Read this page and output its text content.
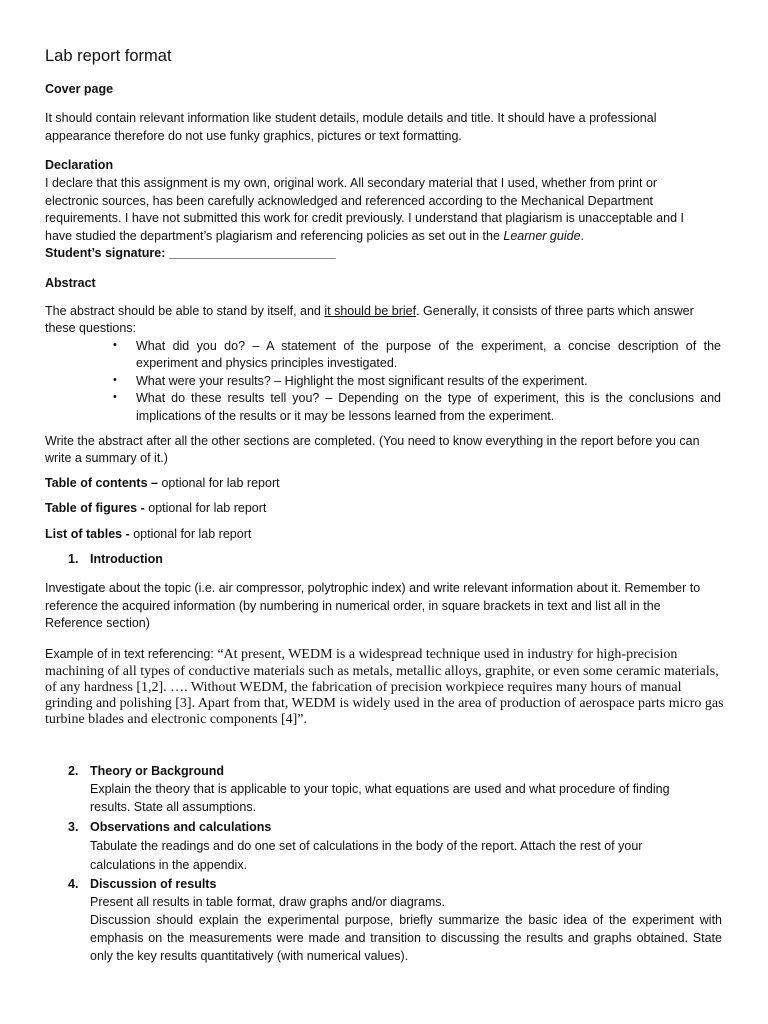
Lab report format
Cover page
It should contain relevant information like student details, module details and title. It should have a professional
appearance therefore do not use funky graphics, pictures or text formatting.
Declaration
I declare that this assignment is my own, original work. All secondary material that I used, whether from print or
electronic sources, has been carefully acknowledged and referenced according to the Mechanical Department
requirements. I have not submitted this work for credit previously. I understand that plagiarism is unacceptable and I
have studied the department’s plagiarism and referencing policies as set out in the Learner guide.
Student’s signature: ________________________
Abstract
The abstract should be able to stand by itself, and it should be brief. Generally, it consists of three parts which answer
these questions:
• What did you do? – A statement of the purpose of the experiment, a concise description of the
experiment and physics principles investigated.
• What were your results? – Highlight the most significant results of the experiment.
• What do these results tell you? – Depending on the type of experiment, this is the conclusions and
implications of the results or it may be lessons learned from the experiment.
Write the abstract after all the other sections are completed. (You need to know everything in the report before you can
write a summary of it.)
Table of contents – optional for lab report
Table of figures - optional for lab report
List of tables - optional for lab report
1. Introduction
Investigate about the topic (i.e. air compressor, polytrophic index) and write relevant information about it. Remember to
reference the acquired information (by numbering in numerical order, in square brackets in text and list all in the
Reference section)
Example of in text referencing: “At present, WEDM is a widespread technique used in industry for high-precision
machining of all types of conductive materials such as metals, metallic alloys, graphite, or even some ceramic materials,
of any hardness [1,2]. …. Without WEDM, the fabrication of precision workpiece requires many hours of manual
grinding and polishing [3]. Apart from that, WEDM is widely used in the area of production of aerospace parts micro gas
turbine blades and electronic components [4]”.
2. Theory or Background
Explain the theory that is applicable to your topic, what equations are used and what procedure of finding
results. State all assumptions.
3. Observations and calculations
Tabulate the readings and do one set of calculations in the body of the report. Attach the rest of your
calculations in the appendix.
4. Discussion of results
Present all results in table format, draw graphs and/or diagrams.
Discussion should explain the experimental purpose, briefly summarize the basic idea of the experiment with
emphasis on the measurements were made and transition to discussing the results and graphs obtained. State
only the key results quantitatively (with numerical values).
